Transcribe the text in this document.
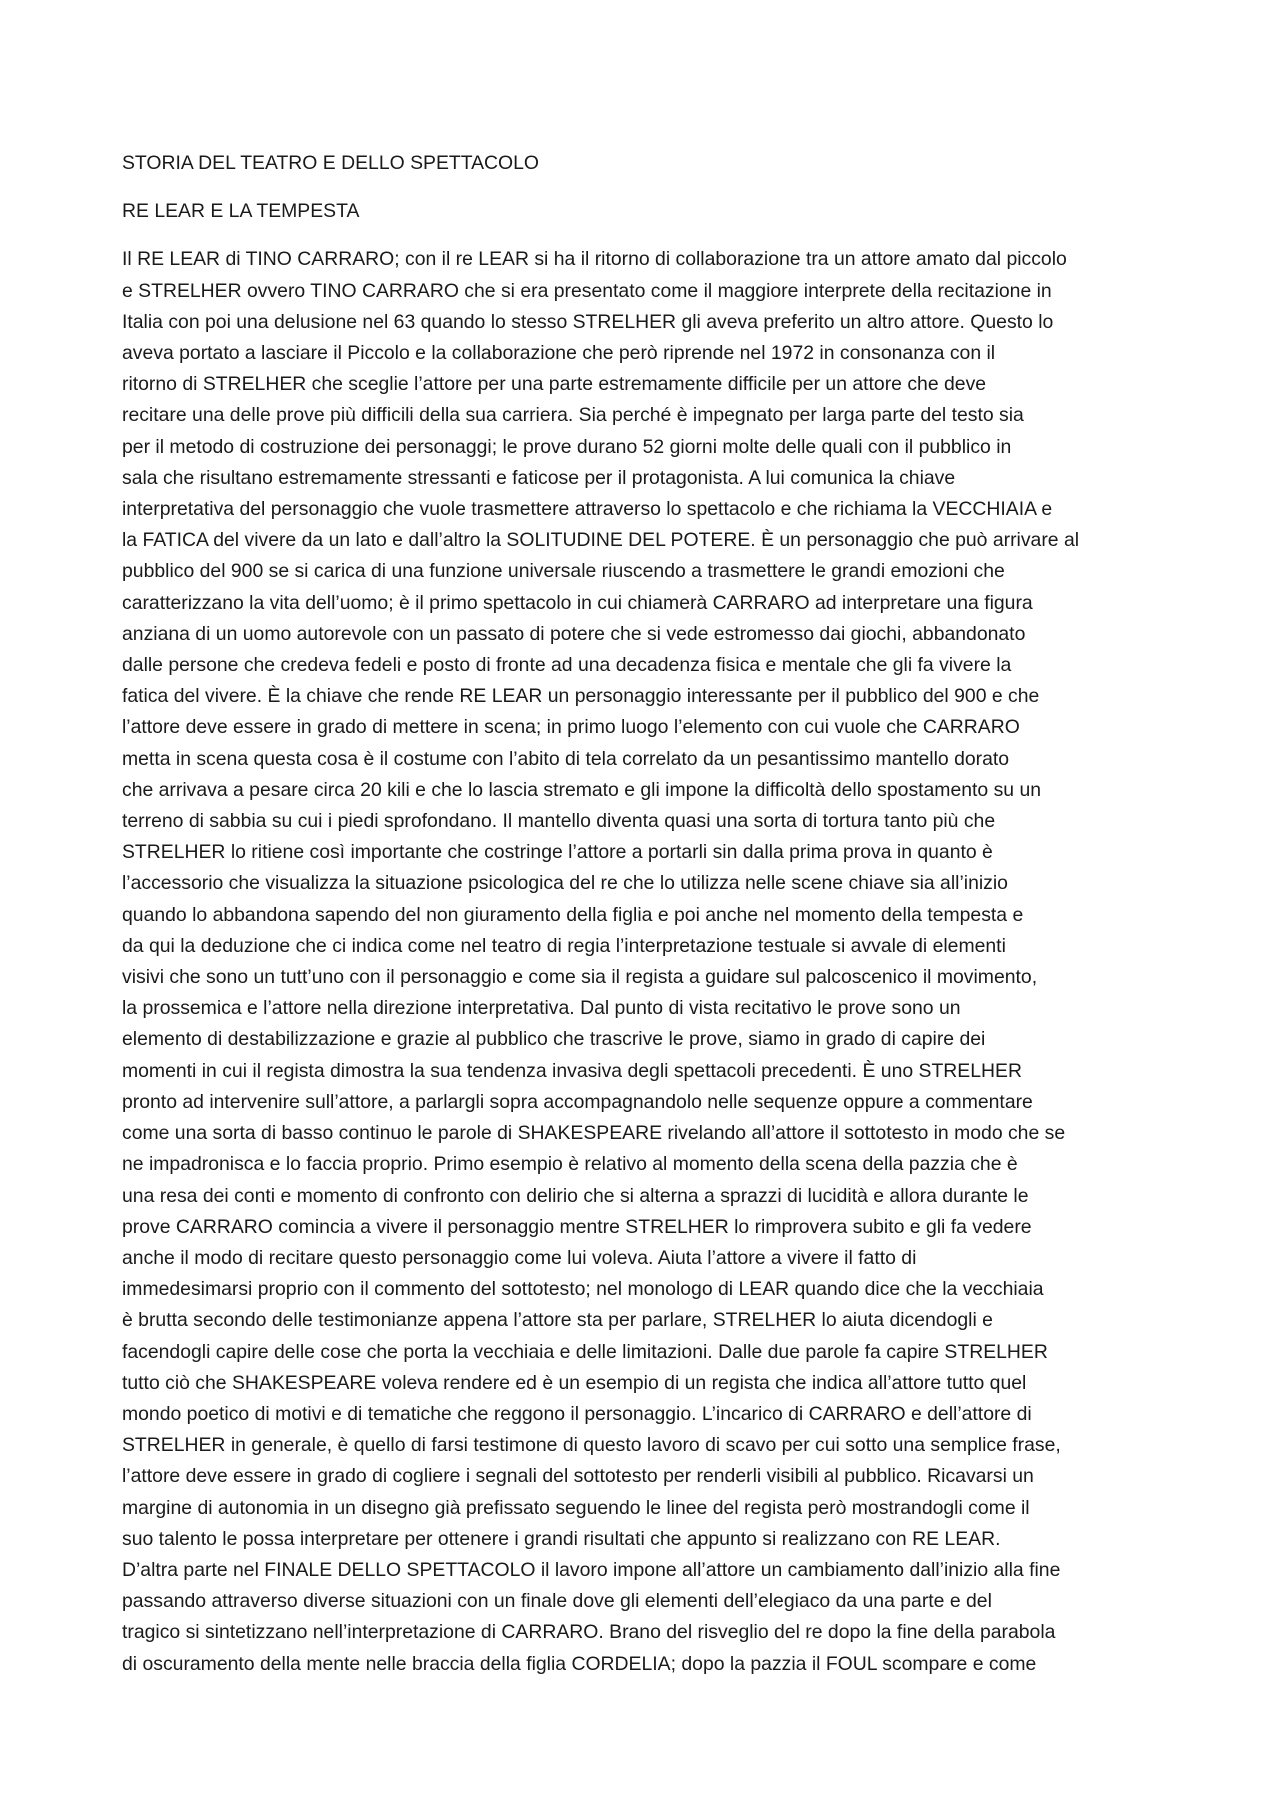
STORIA DEL TEATRO E DELLO SPETTACOLO

RE LEAR E LA TEMPESTA

Il RE LEAR di TINO CARRARO; con il re LEAR si ha il ritorno di collaborazione tra un attore amato dal piccolo
e STRELHER ovvero TINO CARRARO che si era presentato come il maggiore interprete della recitazione in
Italia con poi una delusione nel 63 quando lo stesso STRELHER gli aveva preferito un altro attore. Questo lo
aveva portato a lasciare il Piccolo e la collaborazione che però riprende nel 1972 in consonanza con il
ritorno di STRELHER che sceglie l’attore per una parte estremamente difficile per un attore che deve
recitare una delle prove più difficili della sua carriera. Sia perché è impegnato per larga parte del testo sia
per il metodo di costruzione dei personaggi; le prove durano 52 giorni molte delle quali con il pubblico in
sala che risultano estremamente stressanti e faticose per il protagonista. A lui comunica la chiave
interpretativa del personaggio che vuole trasmettere attraverso lo spettacolo e che richiama la VECCHIAIA e
la FATICA del vivere da un lato e dall’altro la SOLITUDINE DEL POTERE. È un personaggio che può arrivare al
pubblico del 900 se si carica di una funzione universale riuscendo a trasmettere le grandi emozioni che
caratterizzano la vita dell’uomo; è il primo spettacolo in cui chiamerà CARRARO ad interpretare una figura
anziana di un uomo autorevole con un passato di potere che si vede estromesso dai giochi, abbandonato
dalle persone che credeva fedeli e posto di fronte ad una decadenza fisica e mentale che gli fa vivere la
fatica del vivere. È la chiave che rende RE LEAR un personaggio interessante per il pubblico del 900 e che
l’attore deve essere in grado di mettere in scena; in primo luogo l’elemento con cui vuole che CARRARO
metta in scena questa cosa è il costume con l’abito di tela correlato da un pesantissimo mantello dorato
che arrivava a pesare circa 20 kili e che lo lascia stremato e gli impone la difficoltà dello spostamento su un
terreno di sabbia su cui i piedi sprofondano. Il mantello diventa quasi una sorta di tortura tanto più che
STRELHER lo ritiene così importante che costringe l’attore a portarli sin dalla prima prova in quanto è
l’accessorio che visualizza la situazione psicologica del re che lo utilizza nelle scene chiave sia all’inizio
quando lo abbandona sapendo del non giuramento della figlia e poi anche nel momento della tempesta e
da qui la deduzione che ci indica come nel teatro di regia l’interpretazione testuale si avvale di elementi
visivi che sono un tutt’uno con il personaggio e come sia il regista a guidare sul palcoscenico il movimento,
la prossemica e l’attore nella direzione interpretativa. Dal punto di vista recitativo le prove sono un
elemento di destabilizzazione e grazie al pubblico che trascrive le prove, siamo in grado di capire dei
momenti in cui il regista dimostra la sua tendenza invasiva degli spettacoli precedenti. È uno STRELHER
pronto ad intervenire sull’attore, a parlargli sopra accompagnandolo nelle sequenze oppure a commentare
come una sorta di basso continuo le parole di SHAKESPEARE rivelando all’attore il sottotesto in modo che se
ne impadronisca e lo faccia proprio. Primo esempio è relativo al momento della scena della pazzia che è
una resa dei conti e momento di confronto con delirio che si alterna a sprazzi di lucidità e allora durante le
prove CARRARO comincia a vivere il personaggio mentre STRELHER lo rimprovera subito e gli fa vedere
anche il modo di recitare questo personaggio come lui voleva. Aiuta l’attore a vivere il fatto di
immedesimarsi proprio con il commento del sottotesto; nel monologo di LEAR quando dice che la vecchiaia
è brutta secondo delle testimonianze appena l’attore sta per parlare, STRELHER lo aiuta dicendogli e
facendogli capire delle cose che porta la vecchiaia e delle limitazioni. Dalle due parole fa capire STRELHER
tutto ciò che SHAKESPEARE voleva rendere ed è un esempio di un regista che indica all’attore tutto quel
mondo poetico di motivi e di tematiche che reggono il personaggio. L’incarico di CARRARO e dell’attore di
STRELHER in generale, è quello di farsi testimone di questo lavoro di scavo per cui sotto una semplice frase,
l’attore deve essere in grado di cogliere i segnali del sottotesto per renderli visibili al pubblico. Ricavarsi un
margine di autonomia in un disegno già prefissato seguendo le linee del regista però mostrandogli come il
suo talento le possa interpretare per ottenere i grandi risultati che appunto si realizzano con RE LEAR.
D’altra parte nel FINALE DELLO SPETTACOLO il lavoro impone all’attore un cambiamento dall’inizio alla fine
passando attraverso diverse situazioni con un finale dove gli elementi dell’elegiaco da una parte e del
tragico si sintetizzano nell’interpretazione di CARRARO. Brano del risveglio del re dopo la fine della parabola
di oscuramento della mente nelle braccia della figlia CORDELIA; dopo la pazzia il FOUL scompare e come
